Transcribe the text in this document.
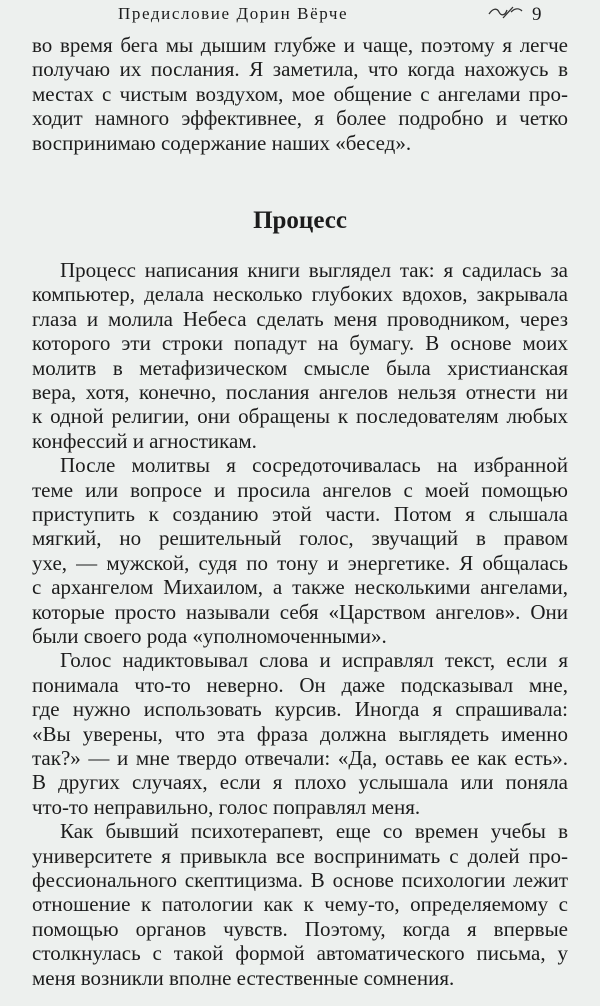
Предисловие Дорин Вёрче	9
Процесс
во время бега мы дышим глубже и чаще, поэтому я легче
получаю их послания. Я заметила, что когда нахожусь в
местах с чистым воздухом, мое общение с ангелами про-
ходит намного эффективнее, я более подробно и четко
воспринимаю содержание наших «бесед».
Процесс написания книги выглядел так: я садилась за
компьютер, делала несколько глубоких вдохов, закрывала
глаза и молила Небеса сделать меня проводником, через
которого эти строки попадут на бумагу. В основе моих
молитв в метафизическом смысле была христианская
вера, хотя, конечно, послания ангелов нельзя отнести ни
к одной религии, они обращены к последователям любых
конфессий и агностикам.
После молитвы я сосредоточивалась на избранной
теме или вопросе и просила ангелов с моей помощью
приступить к созданию этой части. Потом я слышала
мягкий, но решительный голос, звучащий в правом
ухе, — мужской, судя по тону и энергетике. Я общалась
с архангелом Михаилом, а также несколькими ангелами,
которые просто называли себя «Царством ангелов». Они
были своего рода «уполномоченными».
Голос надиктовывал слова и исправлял текст, если я
понимала что-то неверно. Он даже подсказывал мне,
где нужно использовать курсив. Иногда я спрашивала:
«Вы уверены, что эта фраза должна выглядеть именно
так?» — и мне твердо отвечали: «Да, оставь ее как есть».
В других случаях, если я плохо услышала или поняла
что-то неправильно, голос поправлял меня.
Как бывший психотерапевт, еще со времен учебы в
университете я привыкла все воспринимать с долей про-
фессионального скептицизма. В основе психологии лежит
отношение к патологии как к чему-то, определяемому с
помощью органов чувств. Поэтому, когда я впервые
столкнулась с такой формой автоматического письма, у
меня возникли вполне естественные сомнения.
